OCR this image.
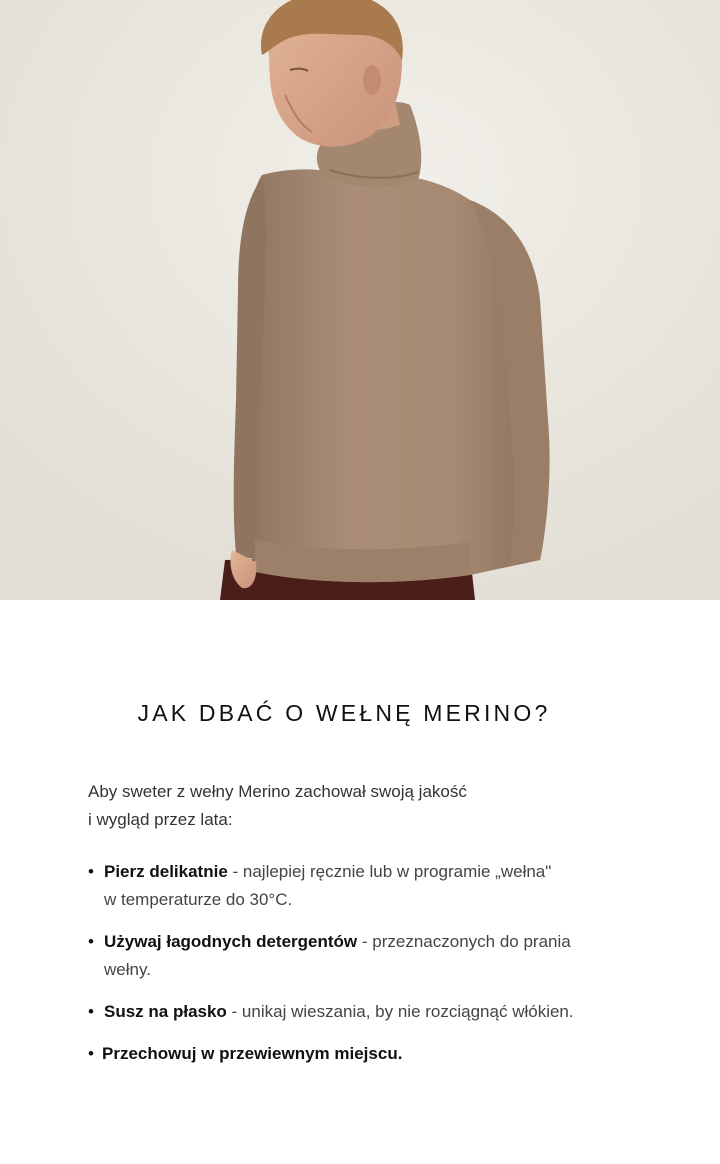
JAK DBAĆ O WEŁNĘ MERINO?

Aby sweter z wełny Merino zachował swoją jakość
i wygląd przez lata:

• Pierz delikatnie - najlepiej ręcznie lub w programie „wełna"
w temperaturze do 30°C.
• Używaj łagodnych detergentów - przeznaczonych do prania
wełny.
• Susz na płasko - unikaj wieszania, by nie rozciągnąć włókien.
• Przechowuj w przewiewnym miejscu.
